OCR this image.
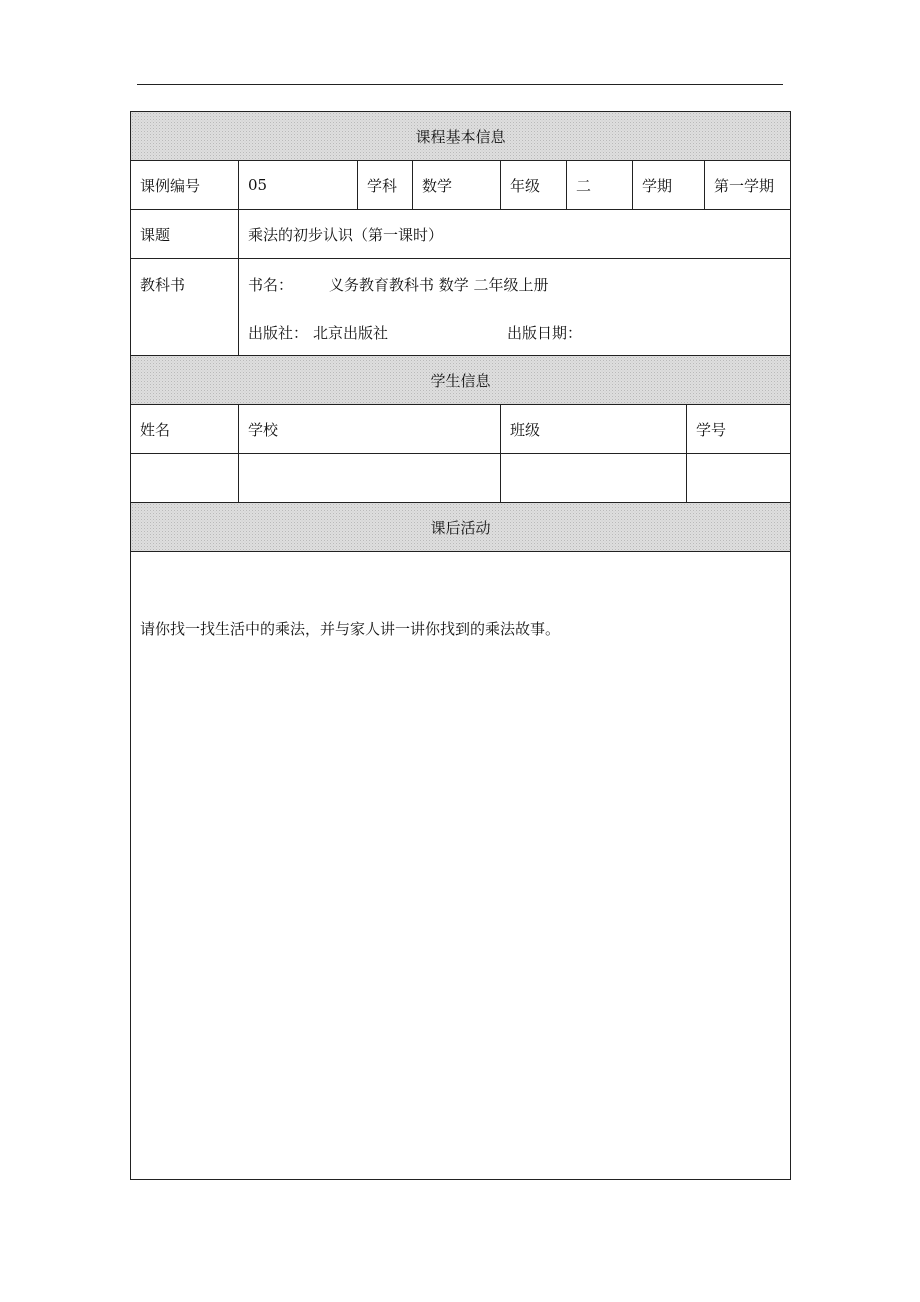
课程基本信息
课例编号	05	学科	数学	年级	二	学期	第一学期
课题	乘法的初步认识（第一课时）
教科书	书名： 义务教育教科书 数学 二年级上册
出版社： 北京出版社	出版日期：
学生信息
姓名	学校	班级	学号
课后活动
请你找一找生活中的乘法，并与家人讲一讲你找到的乘法故事。
